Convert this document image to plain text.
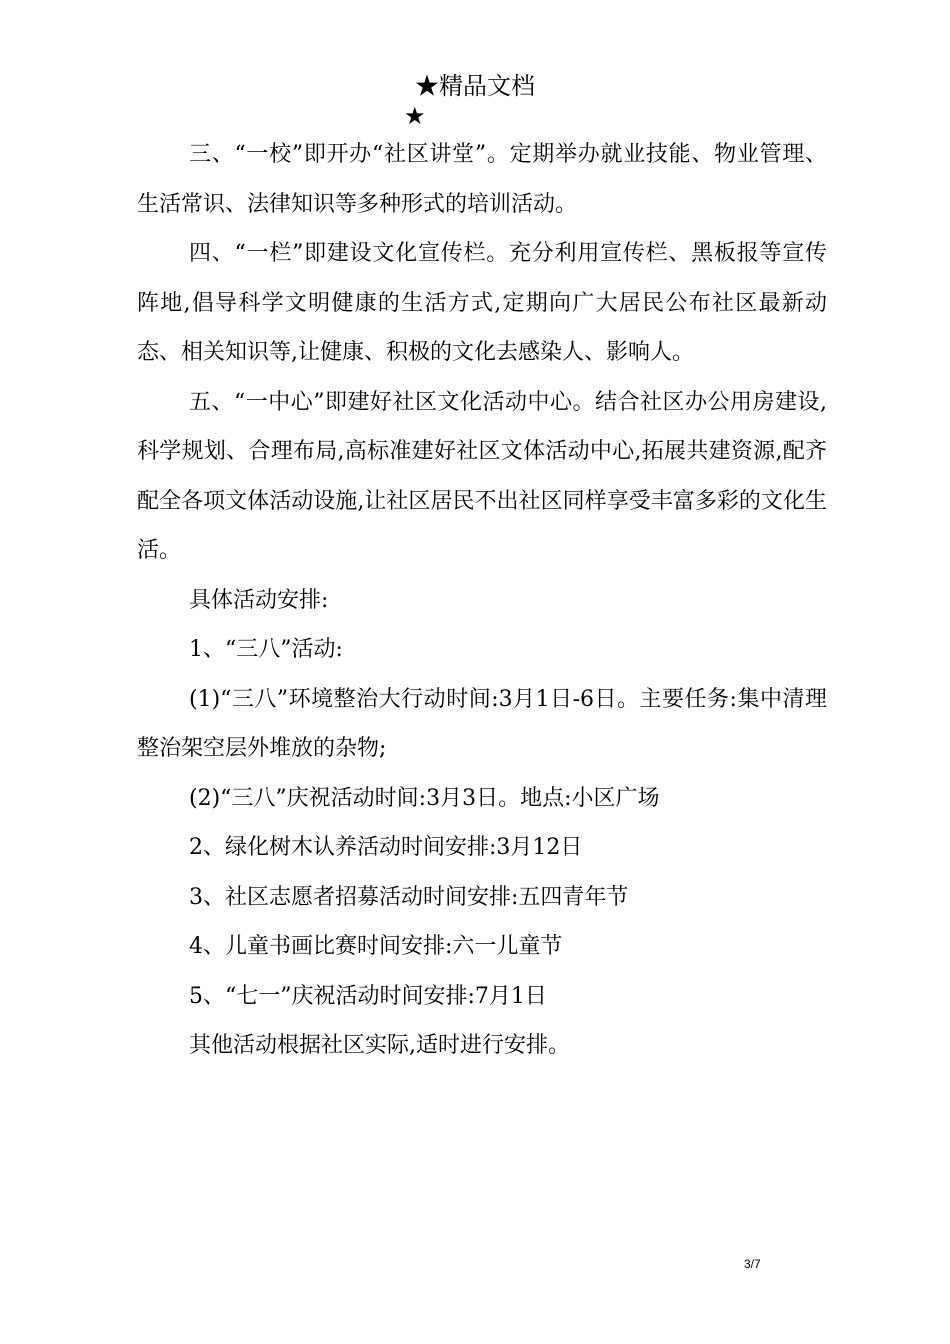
★精品文档
★

三、“一校”即开办“社区讲堂”。定期举办就业技能、物业管理、生活常识、法律知识等多种形式的培训活动。

四、“一栏”即建设文化宣传栏。充分利用宣传栏、黑板报等宣传阵地,倡导科学文明健康的生活方式,定期向广大居民公布社区最新动态、相关知识等,让健康、积极的文化去感染人、影响人。

五、“一中心”即建好社区文化活动中心。结合社区办公用房建设,科学规划、合理布局,高标准建好社区文体活动中心,拓展共建资源,配齐配全各项文体活动设施,让社区居民不出社区同样享受丰富多彩的文化生活。

具体活动安排:

1、“三八”活动:

(1)“三八”环境整治大行动时间:3月1日-6日。主要任务:集中清理整治架空层外堆放的杂物;

(2)“三八”庆祝活动时间:3月3日。地点:小区广场

2、绿化树木认养活动时间安排:3月12日

3、社区志愿者招募活动时间安排:五四青年节

4、儿童书画比赛时间安排:六一儿童节

5、“七一”庆祝活动时间安排:7月1日

其他活动根据社区实际,适时进行安排。

3/7
